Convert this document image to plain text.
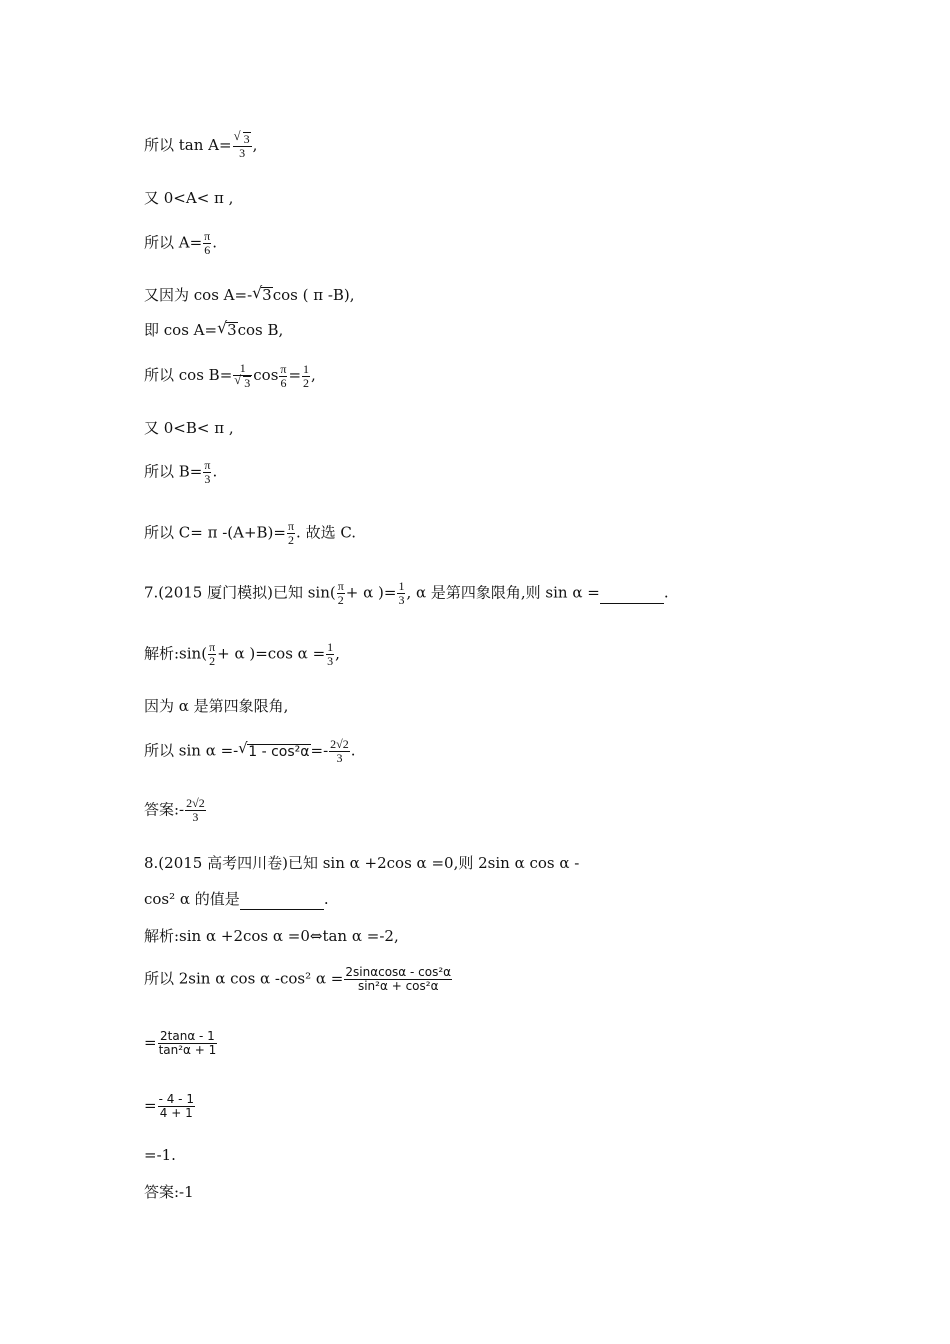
所以 tan A= √ $\frac{3}{3}$ ,
又 0<A< π ,
所以 $A= \frac{\pi}{6}$ .
又因为 cos A=- √ 3cos ( π -B),
即 cos A= √ 3cos B,
所以 cos B= 1
√ 3 $\cos \frac{\pi}{6} = \frac{1}{2}$ ,
又 0<B< π ,
所以 $B= \frac{\pi}{3}$ .
所以 C= π $-(A+B)= \frac{\pi}{2}$ . 故选 C.
7.(2015 厦门模拟)已知 $\sin( \frac{\pi}{2} + \alpha$ )= $\frac{1}{3}$ , α 是第四象限角,则 sin α =	.
解析:sin( $\frac{\pi}{2} + \alpha$ )=cos $\alpha = \frac{1}{3}$ ,
因为 α 是第四象限角,
所以 sin α =- √ $1 - \cos^2\alpha=- \frac{2√2}{3}$ .
答案:- $\frac{2√2}{3}$
8.(2015 高考四川卷)已知 sin α +2cos α =0,则 2sin α cos α -
cos² α 的值是	.
解析:sin α +2cos α =0⇔tan α =-2,
所以 2sin α cos α -cos² $\alpha = \frac{\text{2sinαcosα - cos²α}}{\text{sin²α + cos²α}}$
= $\frac{2\tan\alpha - 1}{\text{tan²α + 1}}$
= $\frac{- 4 - 1}{4 + 1}$
=-1.
答案:-1
